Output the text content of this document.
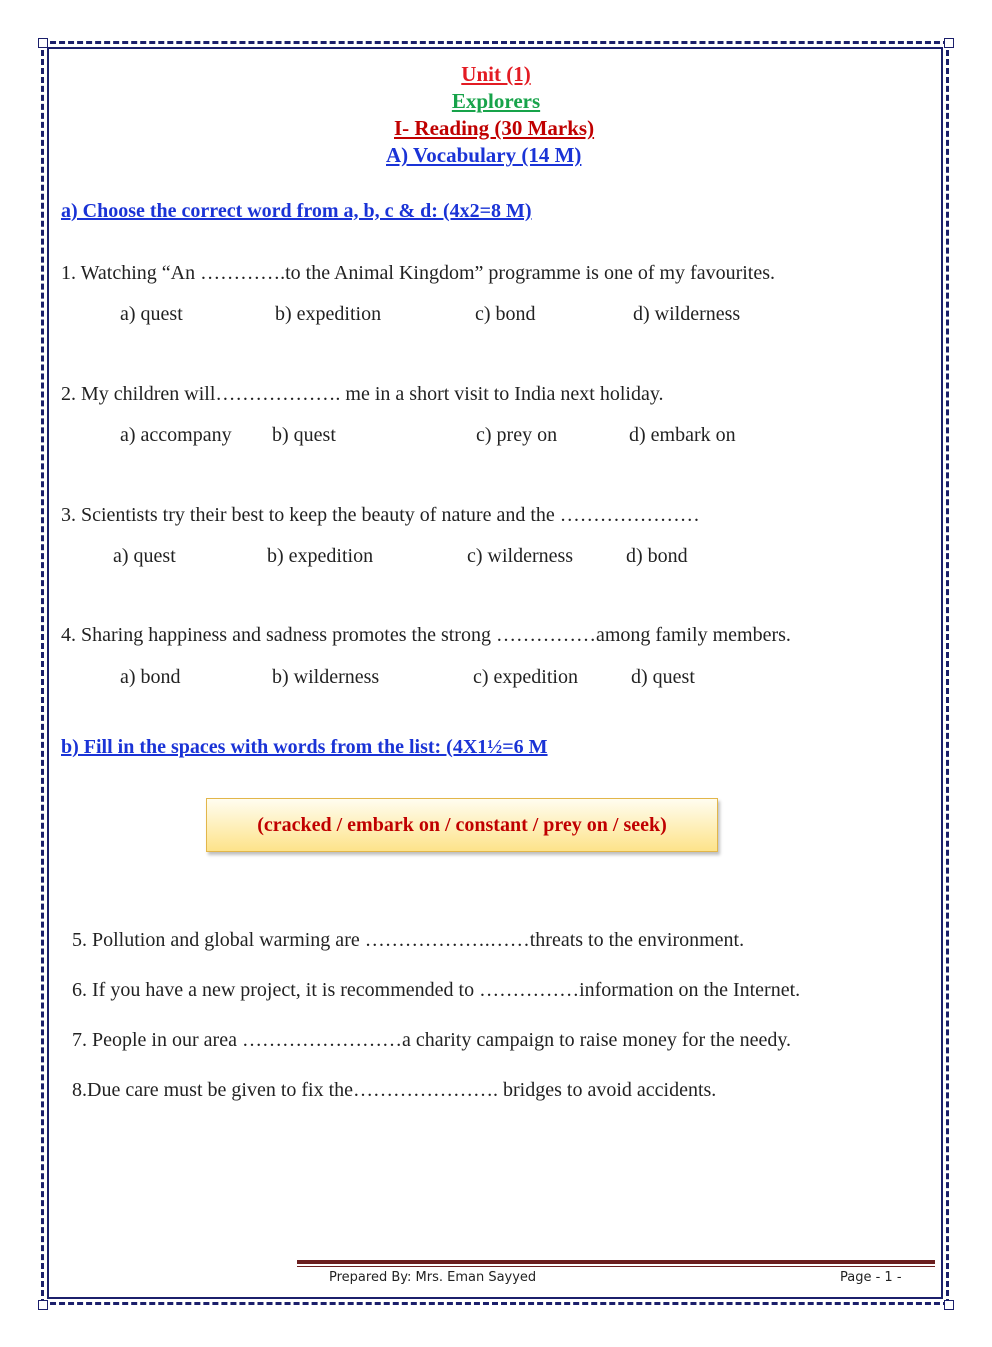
Unit (1)
Explorers
I- Reading (30 Marks)
A) Vocabulary (14 M)
a) Choose the correct word from a, b, c & d: (4x2=8 M)
1. Watching “An ………….to the Animal Kingdom” programme is one of my favourites.
a) quest	b) expedition	c) bond	d) wilderness
2. My children will………………. me in a short visit to India next holiday.
a) accompany b) quest	c) prey on	d) embark on
3. Scientists try their best to keep the beauty of nature and the …………………
a) quest	b) expedition	c) wilderness	d) bond
4. Sharing happiness and sadness promotes the strong ……………among family members.
a) bond	b) wilderness	c) expedition	d) quest
b) Fill in the spaces with words from the list: (4X1½=6 M
(cracked / embark on / constant / prey on / seek)
5. Pollution and global warming are ……………….……threats to the environment.
6. If you have a new project, it is recommended to ……………information on the Internet.
7. People in our area ……………………a charity campaign to raise money for the needy.
8.Due care must be given to fix the…………………. bridges to avoid accidents.
Prepared By: Mrs. Eman Sayyed	Page - 1 -
